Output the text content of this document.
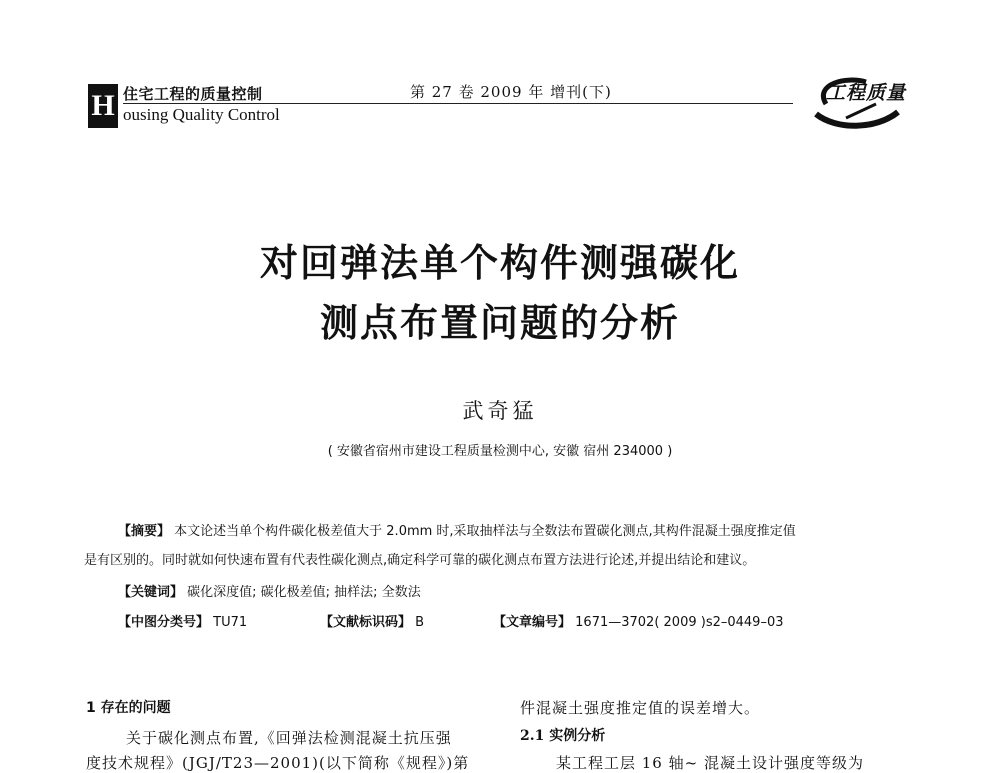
H 住宅工程的质量控制
ousing Quality Control
第 27 卷 2009 年 增刊(下)	工程质量
对回弹法单个构件测强碳化
测点布置问题的分析
武奇猛
( 安徽省宿州市建设工程质量检测中心, 安徽 宿州 234000 )
【摘要】 本文论述当单个构件碳化极差值大于 2.0mm 时,采取抽样法与全数法布置碳化测点,其构件混凝土强度推定值
是有区别的。同时就如何快速布置有代表性碳化测点,确定科学可靠的碳化测点布置方法进行论述,并提出结论和建议。
【关键词】 碳化深度值; 碳化极差值; 抽样法; 全数法
【中图分类号】 TU71	【文献标识码】 B	【文章编号】 1671—3702( 2009 )s2–0449–03
1 存在的问题
关于碳化测点布置,《回弹法检测混凝土抗压强
度技术规程》(JGJ/T23—2001)(以下简称《规程》)第
件混凝土强度推定值的误差增大。
2.1 实例分析
某工程工层 16 轴~ 混凝土设计强度等级为
